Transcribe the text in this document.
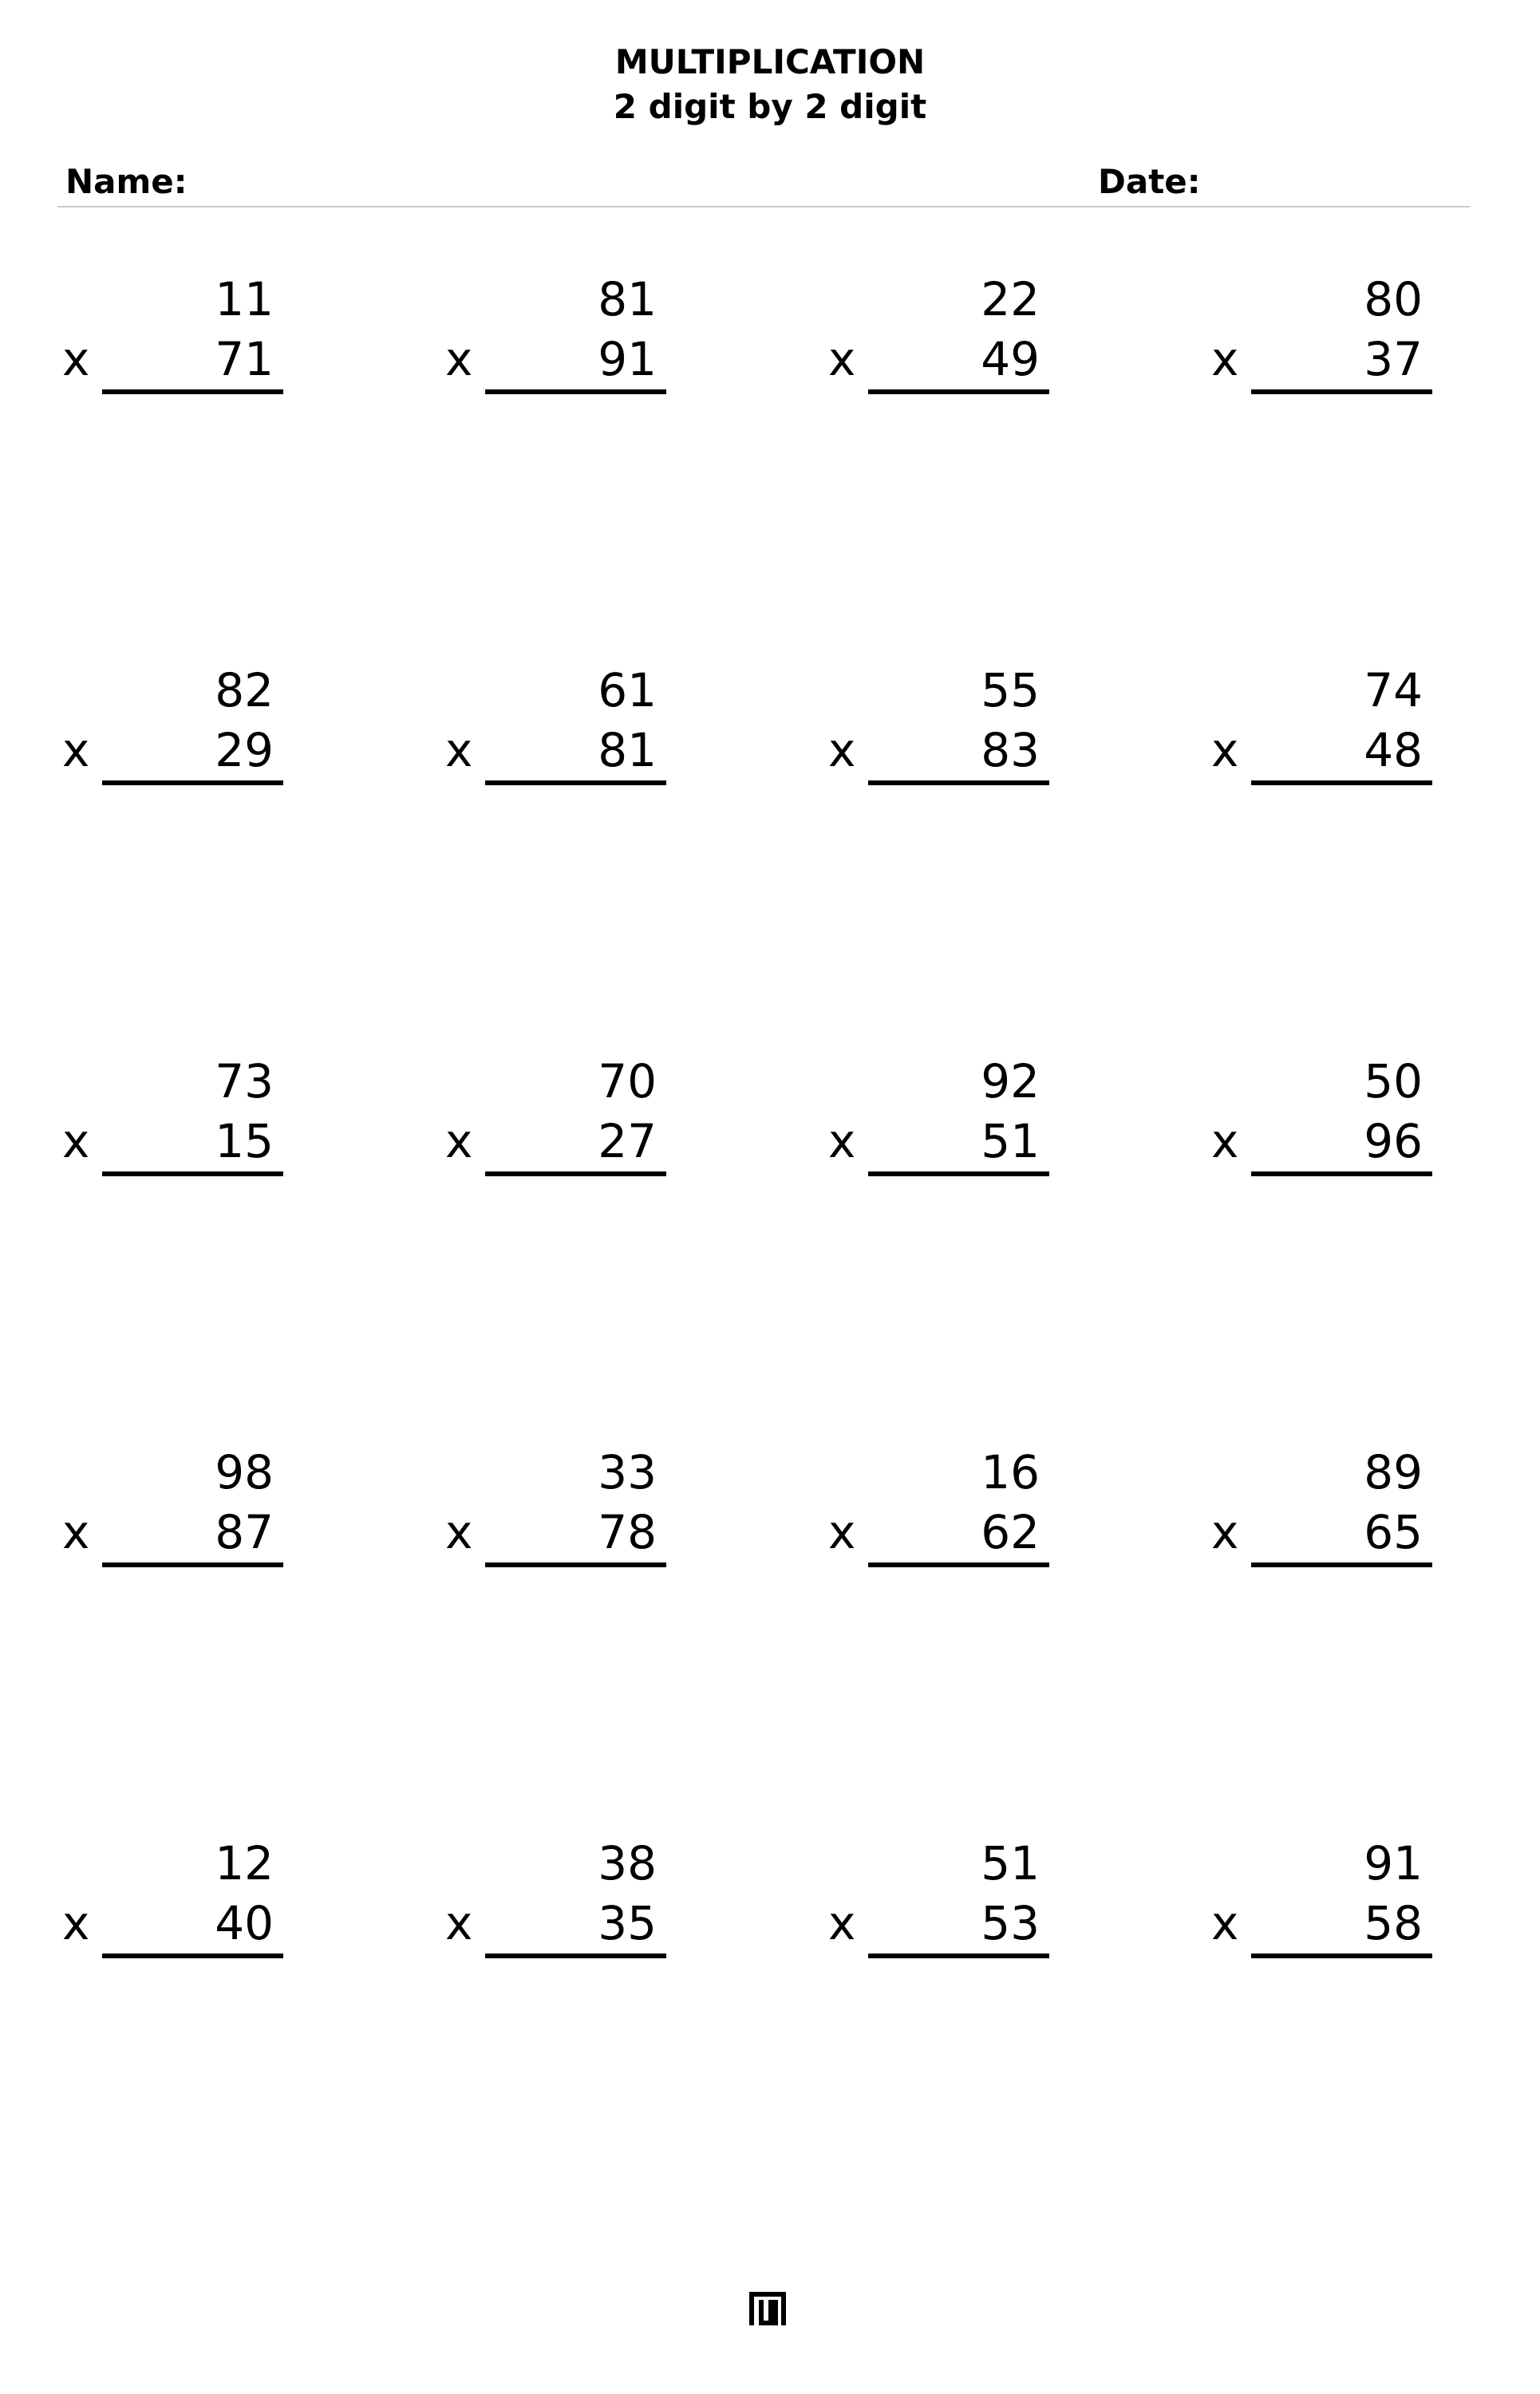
MULTIPLICATION
2 digit by 2 digit
Name:	Date:
11
x	71
81
x	91
22
x	49
80
x	37
82
x	29
61
x	81
55
x	83
74
x	48
73
x	15
70
x	27
92
x	51
50
x	96
98
x	87
33
x	78
16
x	62
89
x	65
12
x	40
38
x	35
51
x	53
91
x	58
